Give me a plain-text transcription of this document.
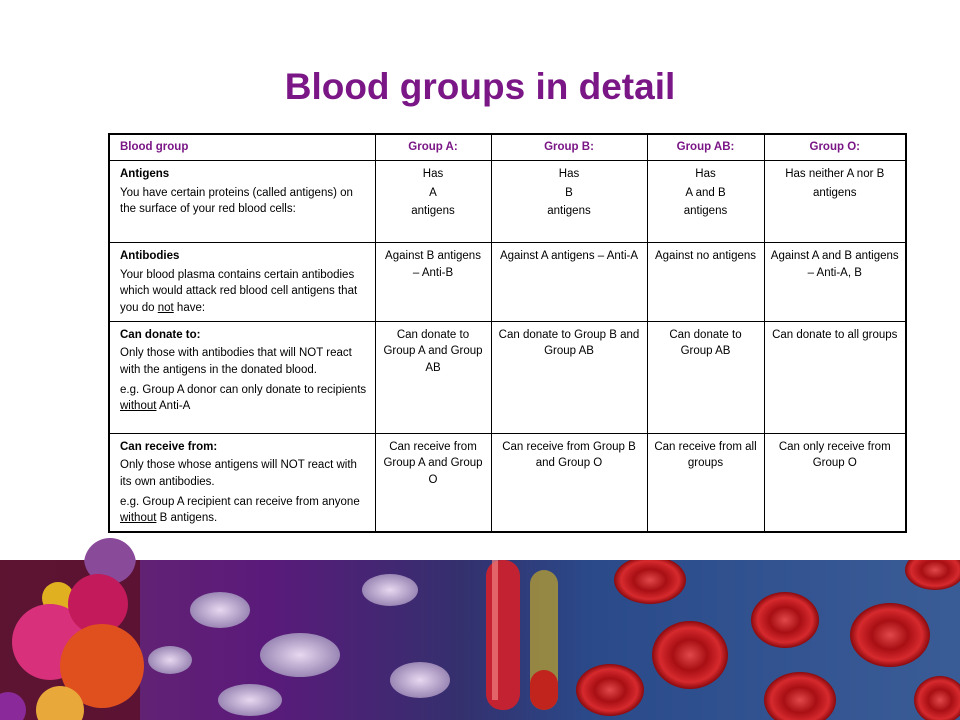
Blood groups in detail
Blood group	Group A:	Group B:	Group AB:	Group O:

Antigens
You have certain proteins (called antigens) on the surface of your red blood cells:	Has
A
antigens	Has
B
antigens	Has
A and B
antigens	Has neither A nor B
antigens

Antibodies
Your blood plasma contains certain antibodies which would attack red blood cell antigens that you do not have:	Against B antigens – Anti-B	Against A antigens – Anti-A	Against no antigens	Against A and B antigens – Anti-A, B

Can donate to:
Only those with antibodies that will NOT react with the antigens in the donated blood.
e.g. Group A donor can only donate to recipients without Anti-A	Can donate to Group A and Group AB	Can donate to Group B and Group AB	Can donate to Group AB	Can donate to all groups

Can receive from:
Only those whose antigens will NOT react with its own antibodies.
e.g. Group A recipient can receive from anyone without B antigens.	Can receive from Group A and Group O	Can receive from Group B and Group O	Can receive from all groups	Can only receive from Group O
